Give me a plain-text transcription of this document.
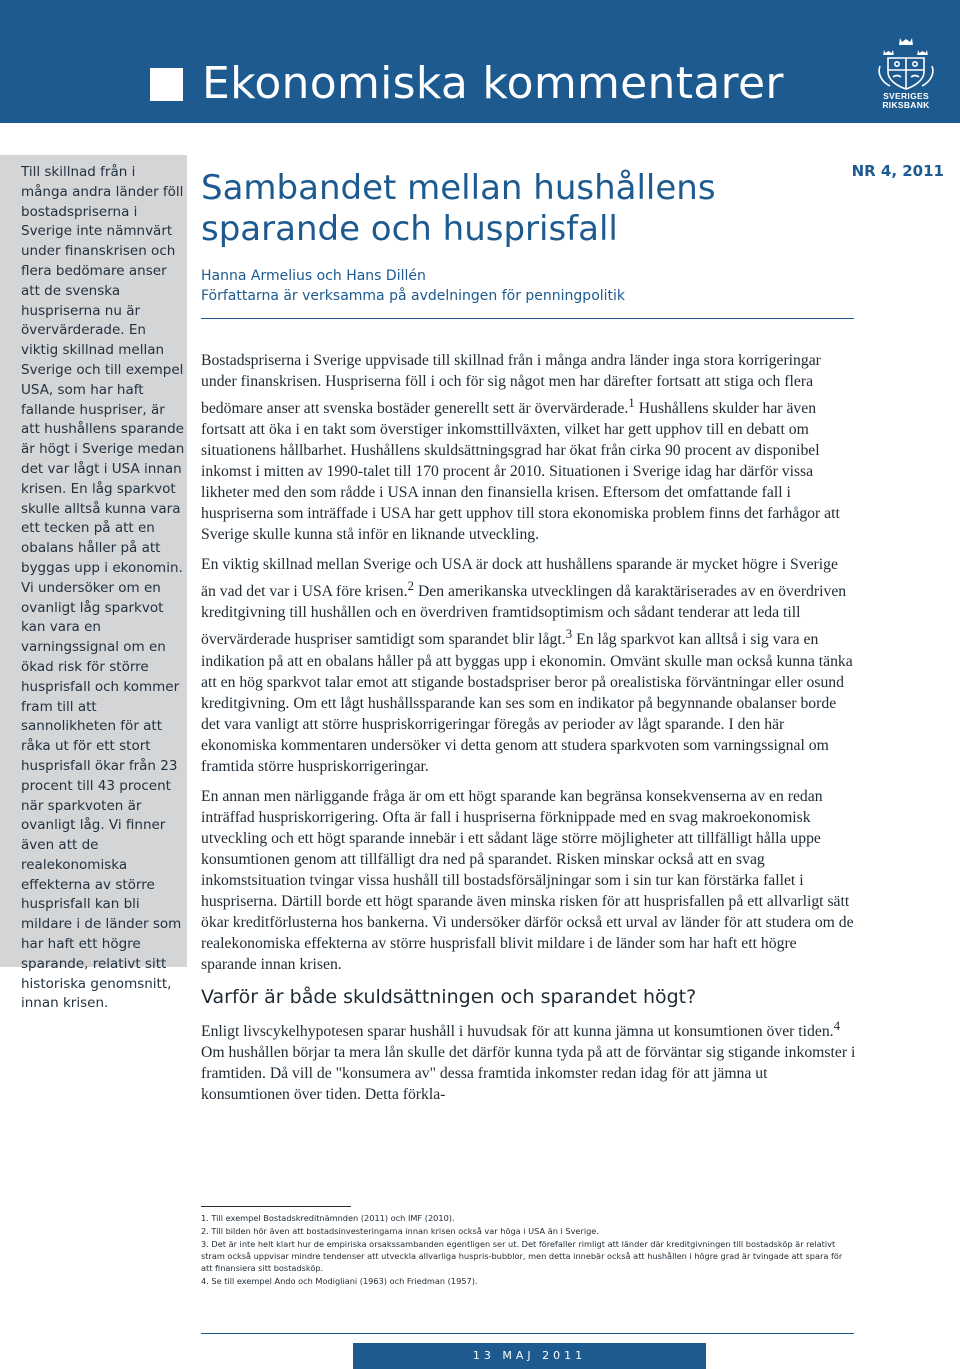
Ekonomiska kommentarer	SVERIGES
RIKSBANK
Till skillnad från i många andra länder föll bostadspriserna i Sverige inte nämnvärt under finanskrisen och flera bedömare anser att de svenska huspriserna nu är övervärderade. En viktig skillnad mellan Sverige och till exempel USA, som har haft fallande huspriser, är att hushållens sparande är högt i Sverige medan det var lågt i USA innan krisen. En låg sparkvot skulle alltså kunna vara ett tecken på att en obalans håller på att byggas upp i ekonomin. Vi undersöker om en ovanligt låg sparkvot kan vara en varningssignal om en ökad risk för större husprisfall och kommer fram till att sannolikheten för att råka ut för ett stort husprisfall ökar från 23 procent till 43 procent när sparkvoten är ovanligt låg. Vi finner även att de realekonomiska effekterna av större husprisfall kan bli mildare i de länder som har haft ett högre sparande, relativt sitt historiska genomsnitt, innan krisen.
NR 4, 2011
Sambandet mellan hushållens sparande och husprisfall
Hanna Armelius och Hans Dillén
Författarna är verksamma på avdelningen för penningpolitik

Bostadspriserna i Sverige uppvisade till skillnad från i många andra länder inga stora korrigeringar under finanskrisen. Huspriserna föll i och för sig något men har därefter fortsatt att stiga och flera bedömare anser att svenska bostäder generellt sett är övervärderade.$^1$ Hushållens skulder har även fortsatt att öka i en takt som överstiger inkomsttillväxten, vilket har gett upphov till en debatt om situationens hållbarhet. Hushållens skuldsättningsgrad har ökat från cirka 90 procent av disponibel inkomst i mitten av 1990-talet till 170 procent år 2010. Situationen i Sverige idag har därför vissa likheter med den som rådde i USA innan den finansiella krisen. Eftersom det omfattande fall i huspriserna som inträffade i USA har gett upphov till stora ekonomiska problem finns det farhågor att Sverige skulle kunna stå inför en liknande utveckling.

En viktig skillnad mellan Sverige och USA är dock att hushållens sparande är mycket högre i Sverige än vad det var i USA före krisen.$^2$ Den amerikanska utvecklingen då karaktäriserades av en överdriven kreditgivning till hushållen och en överdriven framtidsoptimism och sådant tenderar att leda till övervärderade huspriser samtidigt som sparandet blir lågt.$^3$ En låg sparkvot kan alltså i sig vara en indikation på att en obalans håller på att byggas upp i ekonomin. Omvänt skulle man också kunna tänka att en hög sparkvot talar emot att stigande bostadspriser beror på orealistiska förväntningar eller osund kreditgivning. Om ett lågt hushållssparande kan ses som en indikator på begynnande obalanser borde det vara vanligt att större huspriskorrigeringar föregås av perioder av lågt sparande. I den här ekonomiska kommentaren undersöker vi detta genom att studera sparkvoten som varningssignal om framtida större huspriskorrigeringar.

En annan men närliggande fråga är om ett högt sparande kan begränsa konsekvenserna av en redan inträffad huspriskorrigering. Ofta är fall i huspriserna förknippade med en svag makroekonomisk utveckling och ett högt sparande innebär i ett sådant läge större möjligheter att tillfälligt hålla uppe konsumtionen genom att tillfälligt dra ned på sparandet. Risken minskar också att en svag inkomstsituation tvingar vissa hushåll till bostadsförsäljningar som i sin tur kan förstärka fallet i huspriserna. Därtill borde ett högt sparande även minska risken för att husprisfallen på ett allvarligt sätt ökar kreditförlusterna hos bankerna. Vi undersöker därför också ett urval av länder för att studera om de realekonomiska effekterna av större husprisfall blivit mildare i de länder som har haft ett högre sparande innan krisen.

Varför är både skuldsättningen och sparandet högt?

Enligt livscykelhypotesen sparar hushåll i huvudsak för att kunna jämna ut konsumtionen över tiden.$^4$ Om hushållen börjar ta mera lån skulle det därför kunna tyda på att de förväntar sig stigande inkomster i framtiden. Då vill de "konsumera av" dessa framtida inkomster redan idag för att jämna ut konsumtionen över tiden. Detta förkla-

1. Till exempel Bostadskreditnämnden (2011) och IMF (2010).
2. Till bilden hör även att bostadsinvesteringarna innan krisen också var höga i USA än i Sverige.
3. Det är inte helt klart hur de empiriska orsakssambanden egentligen ser ut. Det förefaller rimligt att länder där kreditgivningen till bostadsköp är relativt stram också uppvisar mindre tendenser att utveckla allvarliga huspris-bubblor, men detta innebär också att hushållen i högre grad är tvingade att spara för att finansiera sitt bostadsköp.
4. Se till exempel Ando och Modigliani (1963) och Friedman (1957).
13 MAJ 2011
